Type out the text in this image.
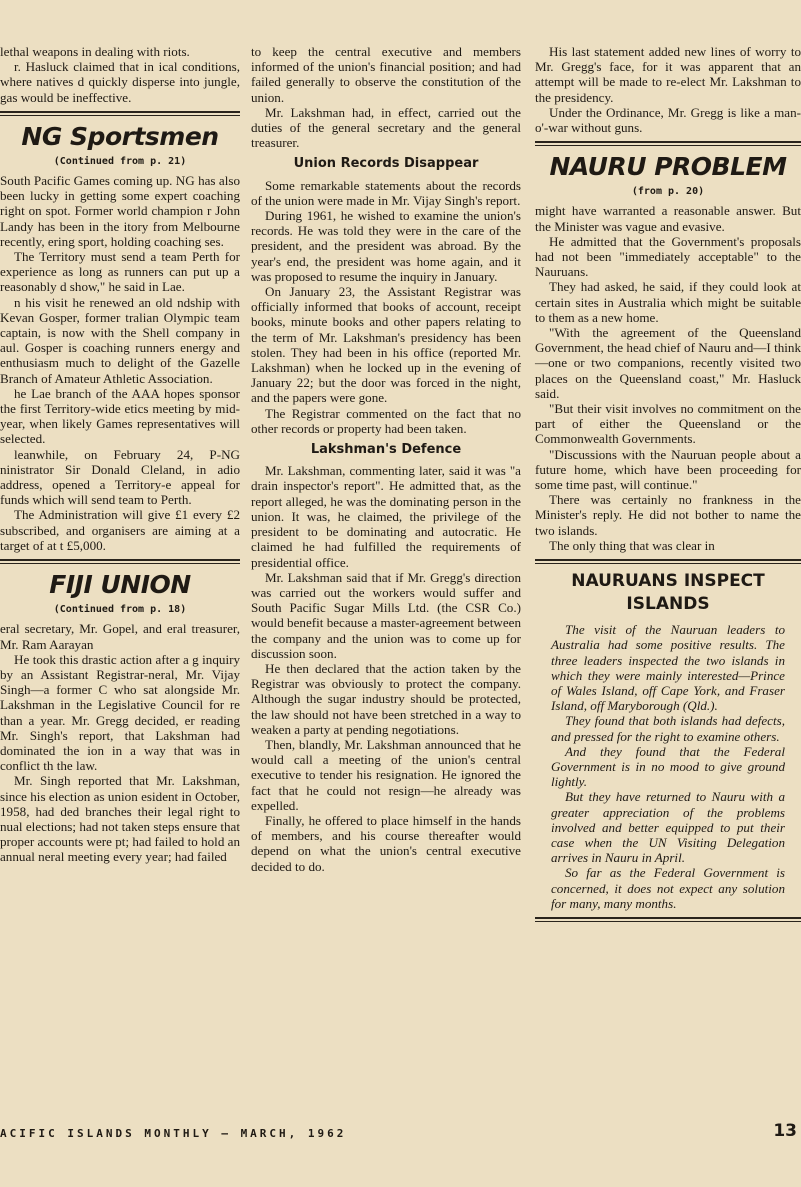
lethal weapons in dealing with riots.

r. Hasluck claimed that in ical conditions, where natives d quickly disperse into jungle, gas would be ineffective.

NG Sportsmen
(Continued from p. 21)

South Pacific Games coming up. NG has also been lucky in getting some expert coaching right on spot. Former world champion r John Landy has been in the itory from Melbourne recently, ering sport, holding coaching ses.

The Territory must send a team Perth for experience as long as runners can put up a reasonably d show," he said in Lae.

n his visit he renewed an old ndship with Kevan Gosper, former tralian Olympic team captain, is now with the Shell company in aul. Gosper is coaching runners energy and enthusiasm much to delight of the Gazelle Branch of Amateur Athletic Association.

he Lae branch of the AAA hopes sponsor the first Territory-wide etics meeting by mid-year, when likely Games representatives will selected.

leanwhile, on February 24, P-NG ninistrator Sir Donald Cleland, in adio address, opened a Territory-e appeal for funds which will send team to Perth.

The Administration will give £1 every £2 subscribed, and organisers are aiming at a target of at t £5,000.

FIJI UNION
(Continued from p. 18)

eral secretary, Mr. Gopel, and eral treasurer, Mr. Ram Aarayan

He took this drastic action after a g inquiry by an Assistant Registrar-neral, Mr. Vijay Singh—a former C who sat alongside Mr. Lakshman in the Legislative Council for re than a year. Mr. Gregg decided, er reading Mr. Singh's report, that Lakshman had dominated the ion in a way that was in conflict th the law.

Mr. Singh reported that Mr. Lakshman, since his election as union esident in October, 1958, had ded branches their legal right to nual elections; had not taken steps ensure that proper accounts were pt; had failed to hold an annual neral meeting every year; had failed

to keep the central executive and members informed of the union's financial position; and had failed generally to observe the constitution of the union.

Mr. Lakshman had, in effect, carried out the duties of the general secretary and the general treasurer.

Union Records Disappear

Some remarkable statements about the records of the union were made in Mr. Vijay Singh's report.

During 1961, he wished to examine the union's records. He was told they were in the care of the president, and the president was abroad. By the year's end, the president was home again, and it was proposed to resume the inquiry in January.

On January 23, the Assistant Registrar was officially informed that books of account, receipt books, minute books and other papers relating to the term of Mr. Lakshman's presidency has been stolen. They had been in his office (reported Mr. Lakshman) when he locked up in the evening of January 22; but the door was forced in the night, and the papers were gone.

The Registrar commented on the fact that no other records or property had been taken.

Lakshman's Defence

Mr. Lakshman, commenting later, said it was "a drain inspector's report". He admitted that, as the report alleged, he was the dominating person in the union. It was, he claimed, the privilege of the president to be dominating and autocratic. He claimed he had fulfilled the requirements of presidential office.

Mr. Lakshman said that if Mr. Gregg's direction was carried out the workers would suffer and South Pacific Sugar Mills Ltd. (the CSR Co.) would benefit because a master-agreement between the company and the union was to come up for discussion soon.

He then declared that the action taken by the Registrar was obviously to protect the company. Although the sugar industry should be protected, the law should not have been stretched in a way to weaken a party at pending negotiations.

Then, blandly, Mr. Lakshman announced that he would call a meeting of the union's central executive to tender his resignation. He ignored the fact that he could not resign—he already was expelled.

Finally, he offered to place himself in the hands of members, and his course thereafter would depend on what the union's central executive decided to do.

His last statement added new lines of worry to Mr. Gregg's face, for it was apparent that an attempt will be made to re-elect Mr. Lakshman to the presidency.

Under the Ordinance, Mr. Gregg is like a man-o'-war without guns.

NAURU PROBLEM
(from p. 20)

might have warranted a reasonable answer. But the Minister was vague and evasive.

He admitted that the Government's proposals had not been "immediately acceptable" to the Nauruans.

They had asked, he said, if they could look at certain sites in Australia which might be suitable to them as a new home.

"With the agreement of the Queensland Government, the head chief of Nauru and—I think—one or two companions, recently visited two places on the Queensland coast," Mr. Hasluck said.

"But their visit involves no commitment on the part of either the Queensland or the Commonwealth Governments.

"Discussions with the Nauruan people about a future home, which have been proceeding for some time past, will continue."

There was certainly no frankness in the Minister's reply. He did not bother to name the two islands.

The only thing that was clear in

NAURUANS INSPECT
ISLANDS

The visit of the Nauruan leaders to Australia had some positive results. The three leaders inspected the two islands in which they were mainly interested—Prince of Wales Island, off Cape York, and Fraser Island, off Maryborough (Qld.).

They found that both islands had defects, and pressed for the right to examine others.

And they found that the Federal Government is in no mood to give ground lightly.

But they have returned to Nauru with a greater appreciation of the problems involved and better equipped to put their case when the UN Visiting Delegation arrives in Nauru in April.

So far as the Federal Government is concerned, it does not expect any solution for many, many months.

ACIFIC ISLANDS MONTHLY — MARCH, 1962	13
